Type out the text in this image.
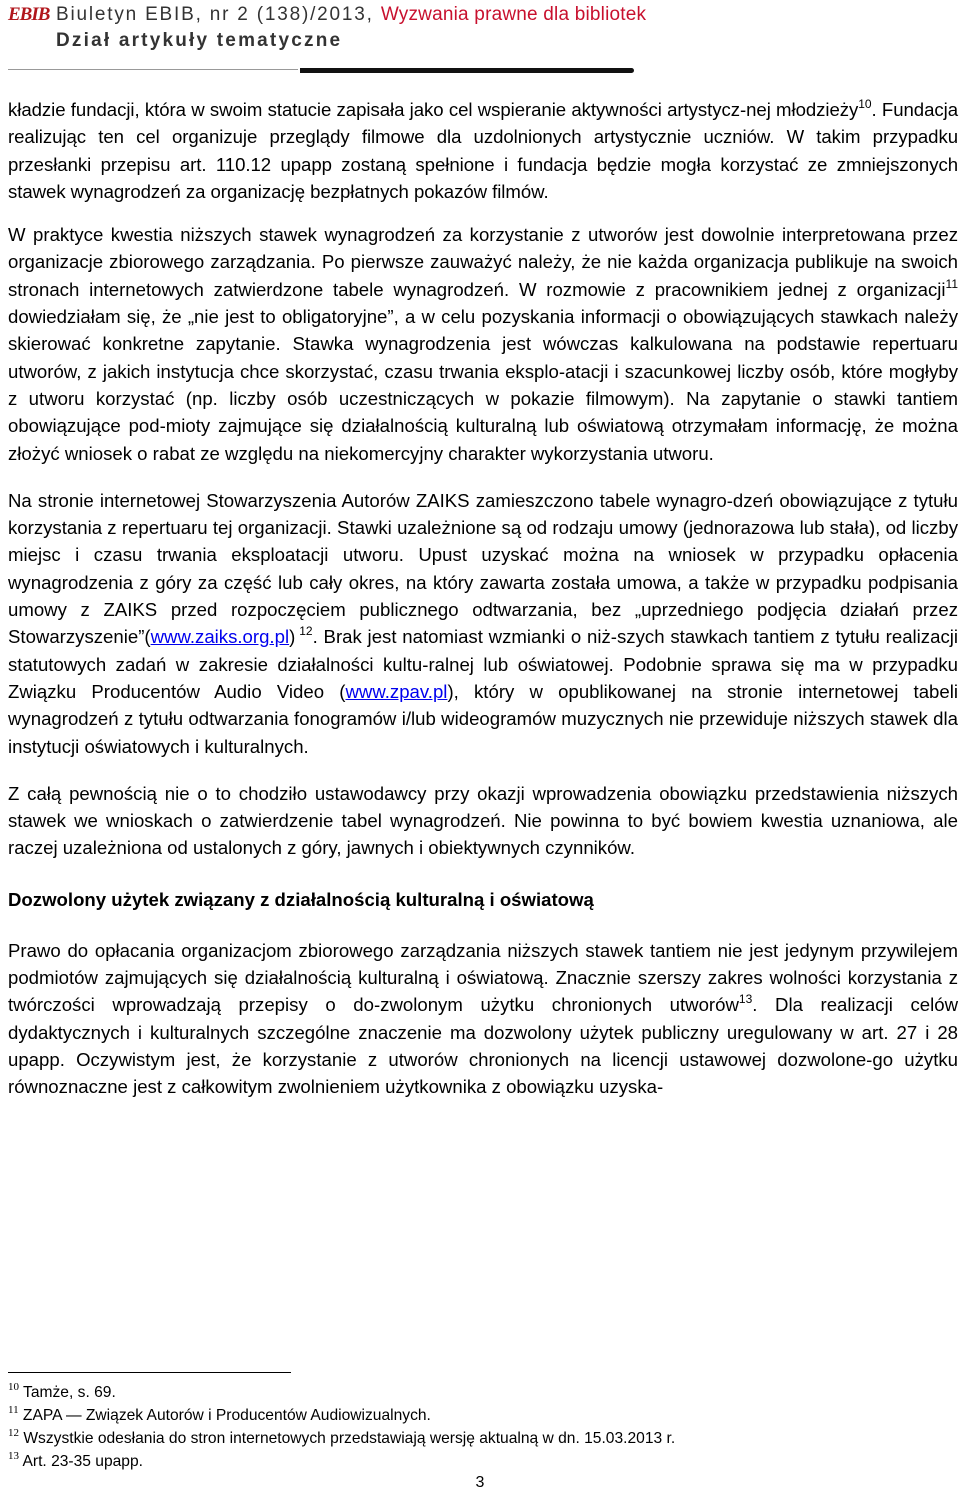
EBIB Biuletyn EBIB, nr 2 (138)/2013, Wyzwania prawne dla bibliotek
Dział artykuły tematyczne

kładzie fundacji, która w swoim statucie zapisała jako cel wspieranie aktywności artystycz-nej młodzieży$^{10}$. Fundacja realizując ten cel organizuje przeglądy filmowe dla uzdolnionych artystycznie uczniów. W takim przypadku przesłanki przepisu art. 110.12 upapp zostaną spełnione i fundacja będzie mogła korzystać ze zmniejszonych stawek wynagrodzeń za organizację bezpłatnych pokazów filmów.

W praktyce kwestia niższych stawek wynagrodzeń za korzystanie z utworów jest dowolnie interpretowana przez organizacje zbiorowego zarządzania. Po pierwsze zauważyć należy, że nie każda organizacja publikuje na swoich stronach internetowych zatwierdzone tabele wynagrodzeń. W rozmowie z pracownikiem jednej z organizacji$^{11}$ dowiedziałam się, że „nie jest to obligatoryjne”, a w celu pozyskania informacji o obowiązujących stawkach należy skierować konkretne zapytanie. Stawka wynagrodzenia jest wówczas kalkulowana na podstawie repertuaru utworów, z jakich instytucja chce skorzystać, czasu trwania eksplo-atacji i szacunkowej liczby osób, które mogłyby z utworu korzystać (np. liczby osób uczestniczących w pokazie filmowym). Na zapytanie o stawki tantiem obowiązujące pod-mioty zajmujące się działalnością kulturalną lub oświatową otrzymałam informację, że można złożyć wniosek o rabat ze względu na niekomercyjny charakter wykorzystania utworu.

Na stronie internetowej Stowarzyszenia Autorów ZAIKS zamieszczono tabele wynagro-dzeń obowiązujące z tytułu korzystania z repertuaru tej organizacji. Stawki uzależnione są od rodzaju umowy (jednorazowa lub stała), od liczby miejsc i czasu trwania eksploatacji utworu. Upust uzyskać można na wniosek w przypadku opłacenia wynagrodzenia z góry za część lub cały okres, na który zawarta została umowa, a także w przypadku podpisania umowy z ZAIKS przed rozpoczęciem publicznego odtwarzania, bez „uprzedniego podjęcia działań przez Stowarzyszenie”(www.zaiks.org.pl) $^{12}$. Brak jest natomiast wzmianki o niż-szych stawkach tantiem z tytułu realizacji statutowych zadań w zakresie działalności kultu-ralnej lub oświatowej. Podobnie sprawa się ma w przypadku Związku Producentów Audio Video (www.zpav.pl), który w opublikowanej na stronie internetowej tabeli wynagrodzeń z tytułu odtwarzania fonogramów i/lub wideogramów muzycznych nie przewiduje niższych stawek dla instytucji oświatowych i kulturalnych.

Z całą pewnością nie o to chodziło ustawodawcy przy okazji wprowadzenia obowiązku przedstawienia niższych stawek we wnioskach o zatwierdzenie tabel wynagrodzeń. Nie powinna to być bowiem kwestia uznaniowa, ale raczej uzależniona od ustalonych z góry, jawnych i obiektywnych czynników.

Dozwolony użytek związany z działalnością kulturalną i oświatową

Prawo do opłacania organizacjom zbiorowego zarządzania niższych stawek tantiem nie jest jedynym przywilejem podmiotów zajmujących się działalnością kulturalną i oświatową. Znacznie szerszy zakres wolności korzystania z twórczości wprowadzają przepisy o do-zwolonym użytku chronionych utworów$^{13}$. Dla realizacji celów dydaktycznych i kulturalnych szczególne znaczenie ma dozwolony użytek publiczny uregulowany w art. 27 i 28 upapp. Oczywistym jest, że korzystanie z utworów chronionych na licencji ustawowej dozwolone-go użytku równoznaczne jest z całkowitym zwolnieniem użytkownika z obowiązku uzyska-

$^{10}$ Tamże, s. 69.
$^{11}$ ZAPA — Związek Autorów i Producentów Audiowizualnych.
$^{12}$ Wszystkie odesłania do stron internetowych przedstawiają wersję aktualną w dn. 15.03.2013 r.
$^{13}$ Art. 23-35 upapp.
3
